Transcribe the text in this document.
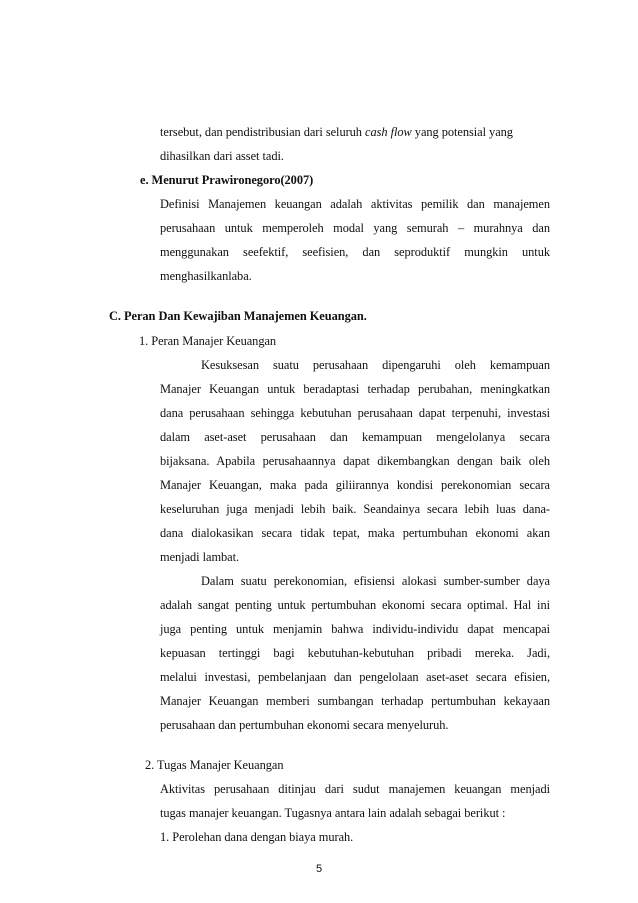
tersebut, dan pendistribusian dari seluruh cash flow yang potensial yang
dihasilkan dari asset tadi.
e. Menurut Prawironegoro(2007)
Definisi Manajemen keuangan adalah aktivitas pemilik dan manajemen
perusahaan untuk memperoleh modal yang semurah – murahnya dan
menggunakan seefektif, seefisien, dan seproduktif mungkin untuk
menghasilkanlaba.
C. Peran Dan Kewajiban Manajemen Keuangan.
1. Peran Manajer Keuangan
Kesuksesan suatu perusahaan dipengaruhi oleh kemampuan
Manajer Keuangan untuk beradaptasi terhadap perubahan, meningkatkan
dana perusahaan sehingga kebutuhan perusahaan dapat terpenuhi, investasi
dalam aset-aset perusahaan dan kemampuan mengelolanya secara
bijaksana. Apabila perusahaannya dapat dikembangkan dengan baik oleh
Manajer Keuangan, maka pada giliirannya kondisi perekonomian secara
keseluruhan juga menjadi lebih baik. Seandainya secara lebih luas dana-
dana dialokasikan secara tidak tepat, maka pertumbuhan ekonomi akan
menjadi lambat.
Dalam suatu perekonomian, efisiensi alokasi sumber-sumber daya
adalah sangat penting untuk pertumbuhan ekonomi secara optimal. Hal ini
juga penting untuk menjamin bahwa individu-individu dapat mencapai
kepuasan tertinggi bagi kebutuhan-kebutuhan pribadi mereka. Jadi,
melalui investasi, pembelanjaan dan pengelolaan aset-aset secara efisien,
Manajer Keuangan memberi sumbangan terhadap pertumbuhan kekayaan
perusahaan dan pertumbuhan ekonomi secara menyeluruh.
2. Tugas Manajer Keuangan
Aktivitas perusahaan ditinjau dari sudut manajemen keuangan menjadi
tugas manajer keuangan. Tugasnya antara lain adalah sebagai berikut :
1. Perolehan dana dengan biaya murah.
5
